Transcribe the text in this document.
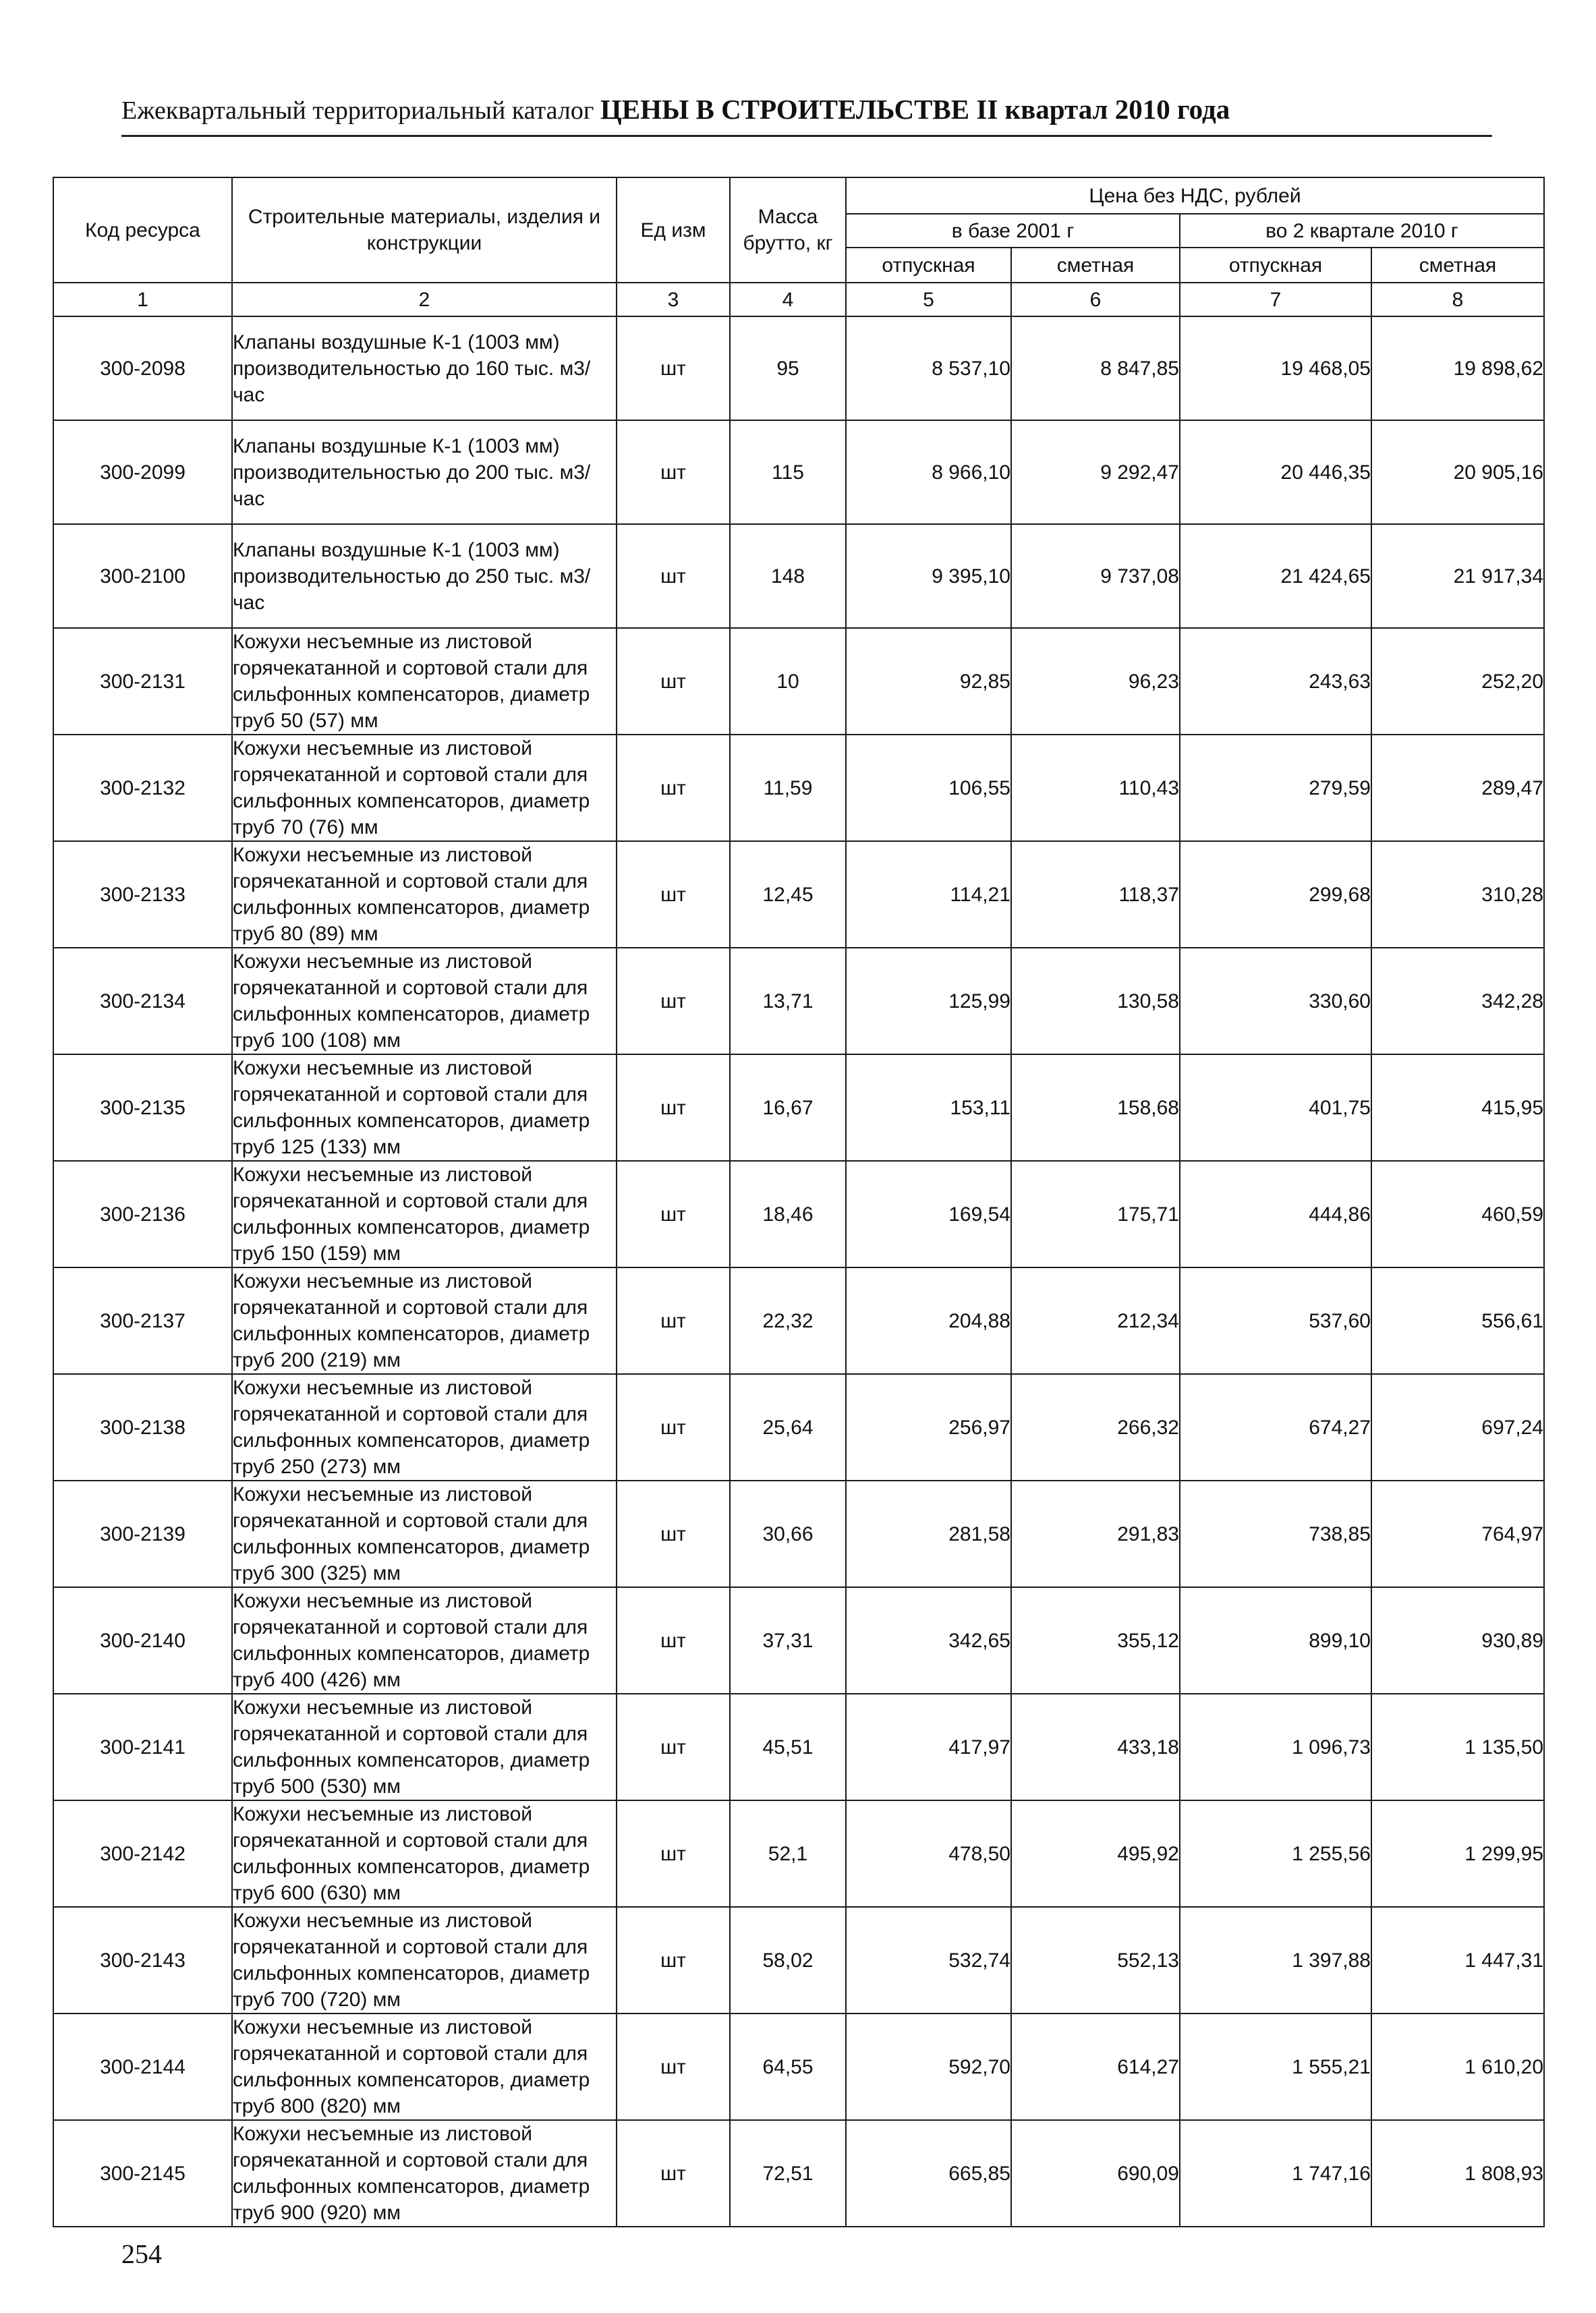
Ежеквартальный территориальный каталог ЦЕНЫ В СТРОИТЕЛЬСТВЕ II квартал 2010 года
Код ресурса	Строительные материалы, изделия и конструкции	Ед изм	Масса брутто, кг	Цена без НДС, рублей			
				в базе 2001 г		во 2 квартале 2010 г	
				отпускная	сметная	отпускная	сметная
1	2	3	4	5	6	7	8
300-2098	Клапаны воздушные К-1 (1003 мм) производительностью до 160 тыс. м3/час	шт	95	8 537,10	8 847,85	19 468,05	19 898,62
300-2099	Клапаны воздушные К-1 (1003 мм) производительностью до 200 тыс. м3/час	шт	115	8 966,10	9 292,47	20 446,35	20 905,16
300-2100	Клапаны воздушные К-1 (1003 мм) производительностью до 250 тыс. м3/час	шт	148	9 395,10	9 737,08	21 424,65	21 917,34
300-2131	Кожухи несъемные из листовой горячекатанной и сортовой стали для сильфонных компенсаторов, диаметр труб 50 (57) мм	шт	10	92,85	96,23	243,63	252,20
300-2132	Кожухи несъемные из листовой горячекатанной и сортовой стали для сильфонных компенсаторов, диаметр труб 70 (76) мм	шт	11,59	106,55	110,43	279,59	289,47
300-2133	Кожухи несъемные из листовой горячекатанной и сортовой стали для сильфонных компенсаторов, диаметр труб 80 (89) мм	шт	12,45	114,21	118,37	299,68	310,28
300-2134	Кожухи несъемные из листовой горячекатанной и сортовой стали для сильфонных компенсаторов, диаметр труб 100 (108) мм	шт	13,71	125,99	130,58	330,60	342,28
300-2135	Кожухи несъемные из листовой горячекатанной и сортовой стали для сильфонных компенсаторов, диаметр труб 125 (133) мм	шт	16,67	153,11	158,68	401,75	415,95
300-2136	Кожухи несъемные из листовой горячекатанной и сортовой стали для сильфонных компенсаторов, диаметр труб 150 (159) мм	шт	18,46	169,54	175,71	444,86	460,59
300-2137	Кожухи несъемные из листовой горячекатанной и сортовой стали для сильфонных компенсаторов, диаметр труб 200 (219) мм	шт	22,32	204,88	212,34	537,60	556,61
300-2138	Кожухи несъемные из листовой горячекатанной и сортовой стали для сильфонных компенсаторов, диаметр труб 250 (273) мм	шт	25,64	256,97	266,32	674,27	697,24
300-2139	Кожухи несъемные из листовой горячекатанной и сортовой стали для сильфонных компенсаторов, диаметр труб 300 (325) мм	шт	30,66	281,58	291,83	738,85	764,97
300-2140	Кожухи несъемные из листовой горячекатанной и сортовой стали для сильфонных компенсаторов, диаметр труб 400 (426) мм	шт	37,31	342,65	355,12	899,10	930,89
300-2141	Кожухи несъемные из листовой горячекатанной и сортовой стали для сильфонных компенсаторов, диаметр труб 500 (530) мм	шт	45,51	417,97	433,18	1 096,73	1 135,50
300-2142	Кожухи несъемные из листовой горячекатанной и сортовой стали для сильфонных компенсаторов, диаметр труб 600 (630) мм	шт	52,1	478,50	495,92	1 255,56	1 299,95
300-2143	Кожухи несъемные из листовой горячекатанной и сортовой стали для сильфонных компенсаторов, диаметр труб 700 (720) мм	шт	58,02	532,74	552,13	1 397,88	1 447,31
300-2144	Кожухи несъемные из листовой горячекатанной и сортовой стали для сильфонных компенсаторов, диаметр труб 800 (820) мм	шт	64,55	592,70	614,27	1 555,21	1 610,20
300-2145	Кожухи несъемные из листовой горячекатанной и сортовой стали для сильфонных компенсаторов, диаметр труб 900 (920) мм	шт	72,51	665,85	690,09	1 747,16	1 808,93
254
